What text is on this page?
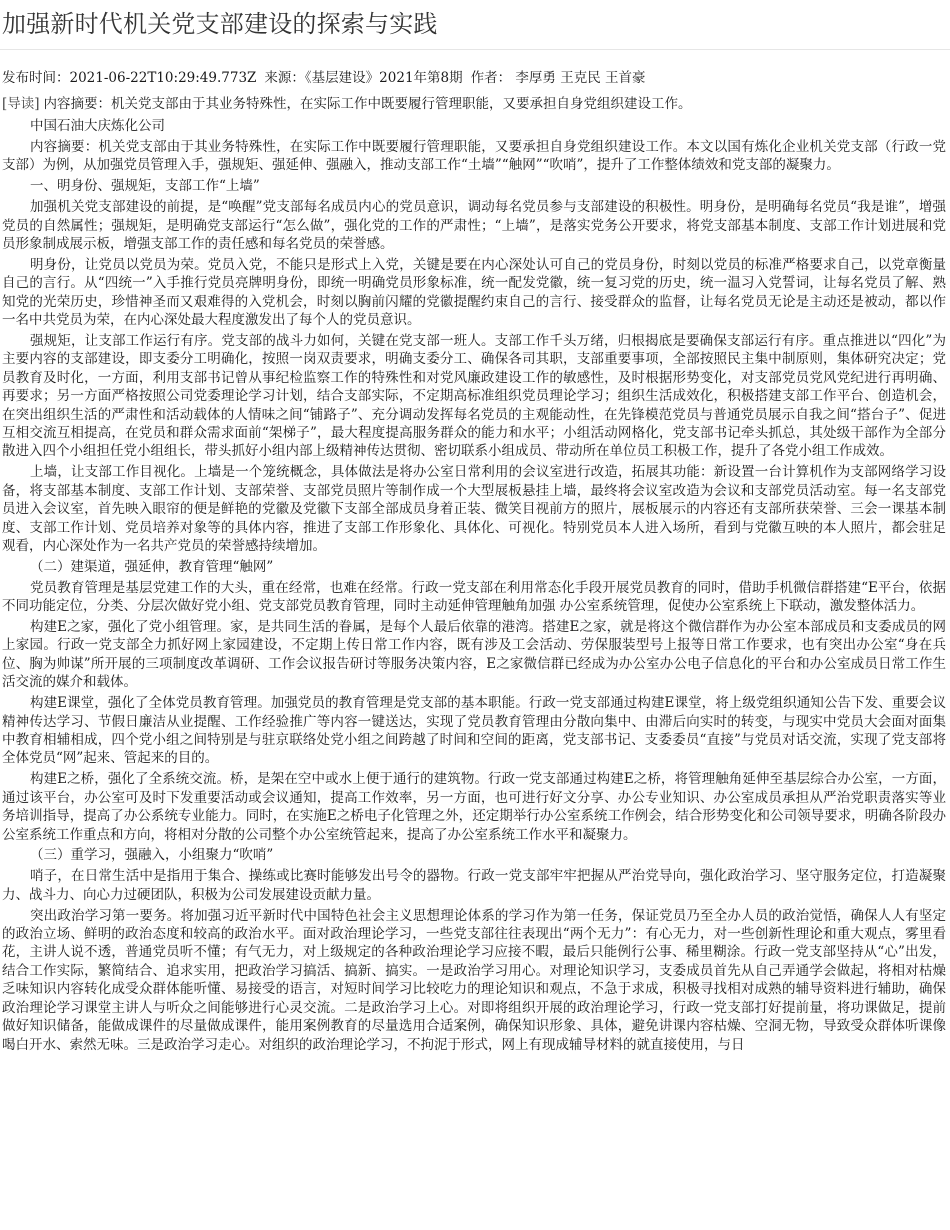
加强新时代机关党支部建设的探索与实践
发布时间：2021-06-22T10:29:49.773Z 来源：《基层建设》2021年第8期 作者： 李厚勇 王克民 王首豪
[导读] 内容摘要：机关党支部由于其业务特殊性，在实际工作中既要履行管理职能，又要承担自身党组织建设工作。

中国石油大庆炼化公司

内容摘要：机关党支部由于其业务特殊性，在实际工作中既要履行管理职能，又要承担自身党组织建设工作。本文以国有炼化企业机关党支部（行政一党支部）为例，从加强党员管理入手，强规矩、强延伸、强融入，推动支部工作“土墙”“触网”“吹哨”，提升了工作整体绩效和党支部的凝聚力。

一、明身份、强规矩，支部工作“上墙”

加强机关党支部建设的前提，是“唤醒”党支部每名成员内心的党员意识，调动每名党员参与支部建设的积极性。明身份，是明确每名党员“我是谁”，增强党员的自然属性；强规矩，是明确党支部运行“怎么做”，强化党的工作的严肃性；“上墙”，是落实党务公开要求，将党支部基本制度、支部工作计划进展和党员形象制成展示板，增强支部工作的责任感和每名党员的荣誉感。

明身份，让党员以党员为荣。党员入党，不能只是形式上入党，关键是要在内心深处认可自己的党员身份，时刻以党员的标准严格要求自己，以党章衡量自己的言行。从“四统一”入手推行党员亮牌明身份，即统一明确党员形象标准，统一配发党徽，统一复习党的历史，统一温习入党誓词，让每名党员了解、熟知党的光荣历史，珍惜神圣而又艰难得的入党机会，时刻以胸前闪耀的党徽提醒约束自己的言行、接受群众的监督，让每名党员无论是主动还是被动，都以作一名中共党员为荣，在内心深处最大程度激发出了每个人的党员意识。

强规矩，让支部工作运行有序。党支部的战斗力如何，关键在党支部一班人。支部工作千头万绪，归根揭底是要确保支部运行有序。重点推进以“四化”为主要内容的支部建设，即支委分工明确化，按照一岗双责要求，明确支委分工、确保各司其职，支部重要事项，全部按照民主集中制原则，集体研究决定；党员教育及时化，一方面，利用支部书记曾从事纪检监察工作的特殊性和对党风廉政建设工作的敏感性，及时根据形势变化，对支部党员党风党纪进行再明确、再要求；另一方面严格按照公司党委理论学习计划，结合支部实际，不定期高标准组织党员理论学习；组织生活成效化，积极搭建支部工作平台、创造机会，在突出组织生活的严肃性和活动载体的人情味之间“铺路子”、充分调动发挥每名党员的主观能动性，在先锋模范党员与普通党员展示自我之间“搭台子”、促进互相交流互相提高，在党员和群众需求面前“架梯子”，最大程度提高服务群众的能力和水平；小组活动网格化，党支部书记牵头抓总，其处级干部作为全部分散进入四个小组担任党小组组长，带头抓好小组内部上级精神传达贯彻、密切联系小组成员、带动所在单位员工积极工作，提升了各党小组工作成效。

上墙，让支部工作目视化。上墙是一个笼统概念，具体做法是将办公室日常利用的会议室进行改造，拓展其功能：新设置一台计算机作为支部网络学习设备，将支部基本制度、支部工作计划、支部荣誉、支部党员照片等制作成一个大型展板悬挂上墙，最终将会议室改造为会议和支部党员活动室。每一名支部党员进入会议室，首先映入眼帘的便是鲜艳的党徽及党徽下支部全部成员身着正装、微笑目视前方的照片，展板展示的内容还有支部所获荣誉、三会一课基本制度、支部工作计划、党员培养对象等的具体内容，推进了支部工作形象化、具体化、可视化。特别党员本人进入场所，看到与党徽互映的本人照片，都会驻足观看，内心深处作为一名共产党员的荣誉感持续增加。

（二）建渠道，强延伸，教育管理“触网”

党员教育管理是基层党建工作的大头，重在经常，也难在经常。行政一党支部在利用常态化手段开展党员教育的同时，借助手机微信群搭建“E平台，依据不同功能定位，分类、分层次做好党小组、党支部党员教育管理，同时主动延伸管理触角加强 办公室系统管理，促使办公室系统上下联动，激发整体活力。

构建E之家，强化了党小组管理。家，是共同生活的眷属，是每个人最后依靠的港湾。搭建E之家，就是将这个微信群作为办公室本部成员和支委成员的网上家园。行政一党支部全力抓好网上家园建设，不定期上传日常工作内容，既有涉及工会活动、劳保服装型号上报等日常工作要求，也有突出办公室“身在兵位、胸为帅谋”所开展的三项制度改革调研、工作会议报告研讨等服务决策内容，E之家微信群已经成为办公室办公电子信息化的平台和办公室成员日常工作生活交流的媒介和载体。

构建E课堂，强化了全体党员教育管理。加强党员的教育管理是党支部的基本职能。行政一党支部通过构建E课堂，将上级党组织通知公告下发、重要会议精神传达学习、节假日廉洁从业提醒、工作经验推广等内容一键送达，实现了党员教育管理由分散向集中、由滞后向实时的转变，与现实中党员大会面对面集中教育相辅相成，四个党小组之间特别是与驻京联络处党小组之间跨越了时间和空间的距离，党支部书记、支委委员“直接”与党员对话交流，实现了党支部将全体党员“网”起来、管起来的目的。

构建E之桥，强化了全系统交流。桥，是架在空中或水上便于通行的建筑物。行政一党支部通过构建E之桥，将管理触角延伸至基层综合办公室，一方面，通过该平台，办公室可及时下发重要活动或会议通知，提高工作效率，另一方面，也可进行好文分享、办公专业知识、办公室成员承担从严治党职责落实等业务培训指导，提高了办公系统专业能力。同时，在实施E之桥电子化管理之外，还定期举行办公室系统工作例会，结合形势变化和公司领导要求，明确各阶段办公室系统工作重点和方向，将相对分散的公司整个办公室统管起来，提高了办公室系统工作水平和凝聚力。

（三）重学习，强融入，小组聚力“吹哨”

哨子，在日常生活中是指用于集合、操练或比赛时能够发出号令的器物。行政一党支部牢牢把握从严治党导向，强化政治学习、坚守服务定位，打造凝聚力、战斗力、向心力过硬团队，积极为公司发展建设贡献力量。

突出政治学习第一要务。将加强习近平新时代中国特色社会主义思想理论体系的学习作为第一任务，保证党员乃至全办人员的政治觉悟，确保人人有坚定的政治立场、鲜明的政治态度和较高的政治水平。面对政治理论学习，一些党支部往往表现出“两个无力”：有心无力，对一些创新性理论和重大观点，雾里看花，主讲人说不透，普通党员听不懂；有气无力，对上级规定的各种政治理论学习应接不暇，最后只能例行公事、稀里糊涂。行政一党支部坚持从“心”出发，结合工作实际，繁简结合、追求实用，把政治学习搞活、搞新、搞实。一是政治学习用心。对理论知识学习，支委成员首先从自己弄通学会做起，将相对枯燥乏味知识内容转化成受众群体能听懂、易接受的语言，对短时间学习比较吃力的理论知识和观点，不急于求成，积极寻找相对成熟的辅导资料进行辅助，确保政治理论学习课堂主讲人与听众之间能够进行心灵交流。二是政治学习上心。对即将组织开展的政治理论学习，行政一党支部打好提前量，将功课做足，提前做好知识储备，能做成课件的尽量做成课件，能用案例教育的尽量选用合适案例，确保知识形象、具体，避免讲课内容枯燥、空洞无物，导致受众群体听课像喝白开水、索然无味。三是政治学习走心。对组织的政治理论学习，不拘泥于形式，网上有现成辅导材料的就直接使用，与日
